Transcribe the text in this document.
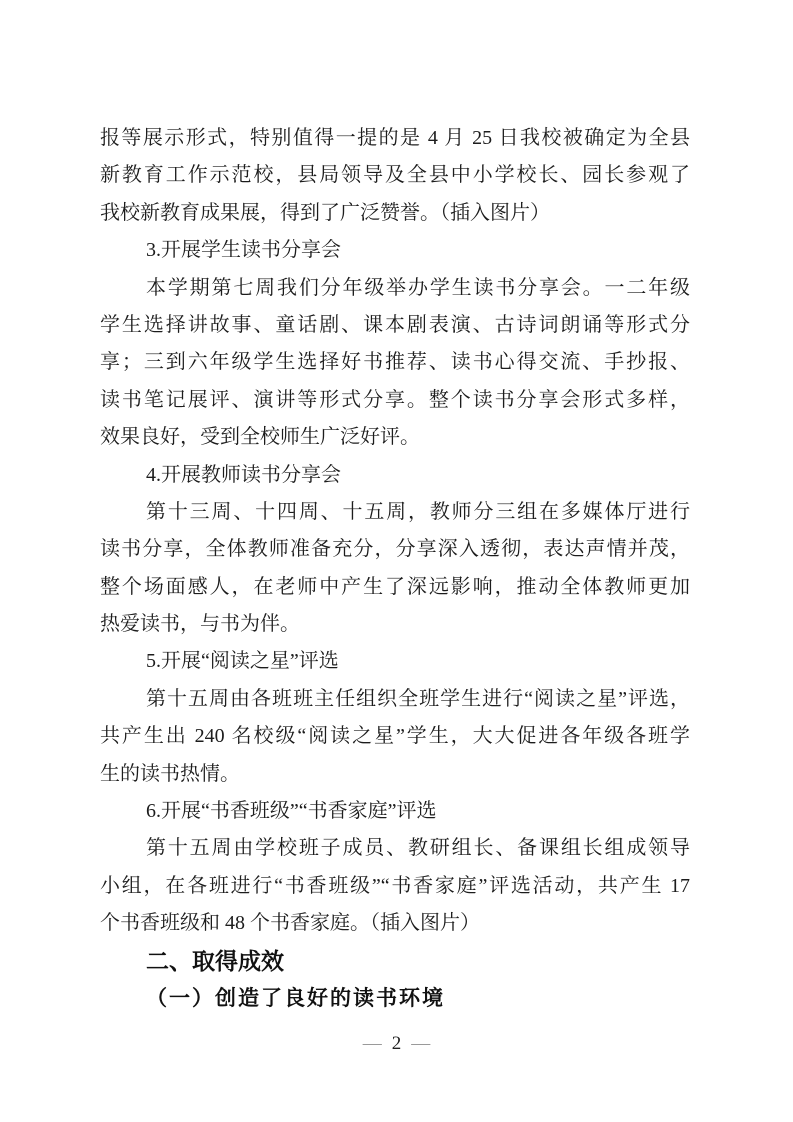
报等展示形式，特别值得一提的是 4 月 25 日我校被确定为全县
新教育工作示范校，县局领导及全县中小学校长、园长参观了
我校新教育成果展，得到了广泛赞誉。（插入图片）
3.开展学生读书分享会
本学期第七周我们分年级举办学生读书分享会。一二年级
学生选择讲故事、童话剧、课本剧表演、古诗词朗诵等形式分
享；三到六年级学生选择好书推荐、读书心得交流、手抄报、
读书笔记展评、演讲等形式分享。整个读书分享会形式多样，
效果良好，受到全校师生广泛好评。
4.开展教师读书分享会
第十三周、十四周、十五周，教师分三组在多媒体厅进行
读书分享，全体教师准备充分，分享深入透彻，表达声情并茂，
整个场面感人，在老师中产生了深远影响，推动全体教师更加
热爱读书，与书为伴。
5.开展“阅读之星”评选
第十五周由各班班主任组织全班学生进行“阅读之星”评选，
共产生出 240 名校级“阅读之星”学生，大大促进各年级各班学
生的读书热情。
6.开展“书香班级”“书香家庭”评选
第十五周由学校班子成员、教研组长、备课组长组成领导
小组，在各班进行“书香班级”“书香家庭”评选活动，共产生 17
个书香班级和 48 个书香家庭。（插入图片）
二、取得成效
（一）创造了良好的读书环境
— 2 —
